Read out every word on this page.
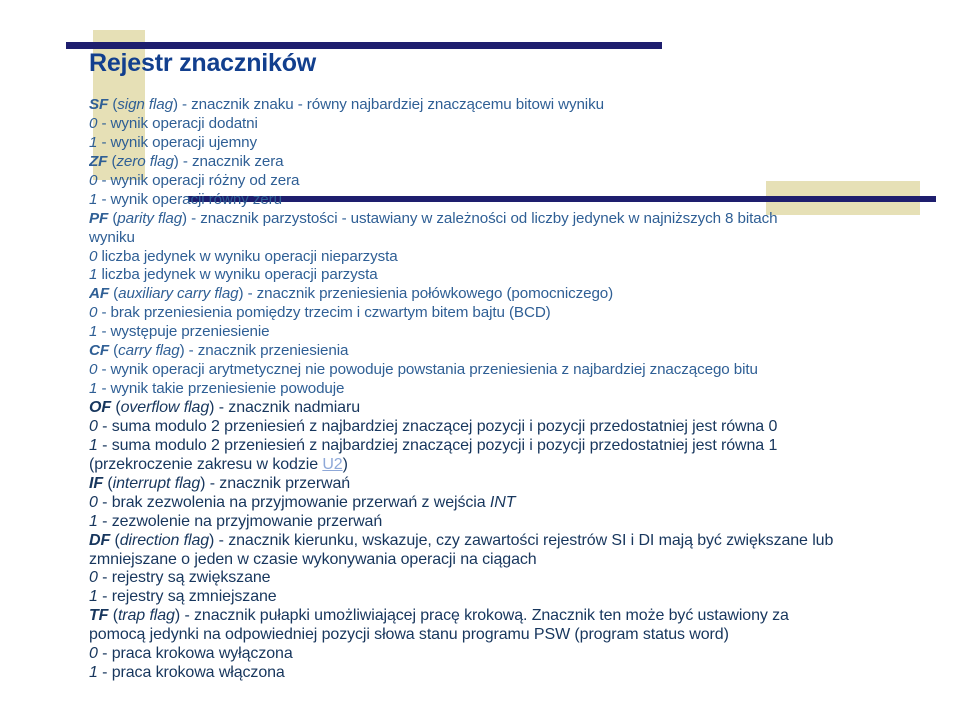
Rejestr znaczników
SF (sign flag) - znacznik znaku - równy najbardziej znaczącemu bitowi wyniku
0 - wynik operacji dodatni
1 - wynik operacji ujemny
ZF (zero flag) - znacznik zera
0 - wynik operacji różny od zera
1 - wynik operacji równy zeru
PF (parity flag) - znacznik parzystości - ustawiany w zależności od liczby jedynek w najniższych 8 bitach
wyniku
0 liczba jedynek w wyniku operacji nieparzysta
1 liczba jedynek w wyniku operacji parzysta
AF (auxiliary carry flag) - znacznik przeniesienia połówkowego (pomocniczego)
0 - brak przeniesienia pomiędzy trzecim i czwartym bitem bajtu (BCD)
1 - występuje przeniesienie
CF (carry flag) - znacznik przeniesienia
0 - wynik operacji arytmetycznej nie powoduje powstania przeniesienia z najbardziej znaczącego bitu
1 - wynik takie przeniesienie powoduje
OF (overflow flag) - znacznik nadmiaru
0 - suma modulo 2 przeniesień z najbardziej znaczącej pozycji i pozycji przedostatniej jest równa 0
1 - suma modulo 2 przeniesień z najbardziej znaczącej pozycji i pozycji przedostatniej jest równa 1
(przekroczenie zakresu w kodzie U2)
IF (interrupt flag) - znacznik przerwań
0 - brak zezwolenia na przyjmowanie przerwań z wejścia INT
1 - zezwolenie na przyjmowanie przerwań
DF (direction flag) - znacznik kierunku, wskazuje, czy zawartości rejestrów SI i DI mają być zwiększane lub
zmniejszane o jeden w czasie wykonywania operacji na ciągach
0 - rejestry są zwiększane
1 - rejestry są zmniejszane
TF (trap flag) - znacznik pułapki umożliwiającej pracę krokową. Znacznik ten może być ustawiony za
pomocą jedynki na odpowiedniej pozycji słowa stanu programu PSW (program status word)
0 - praca krokowa wyłączona
1 - praca krokowa włączona
